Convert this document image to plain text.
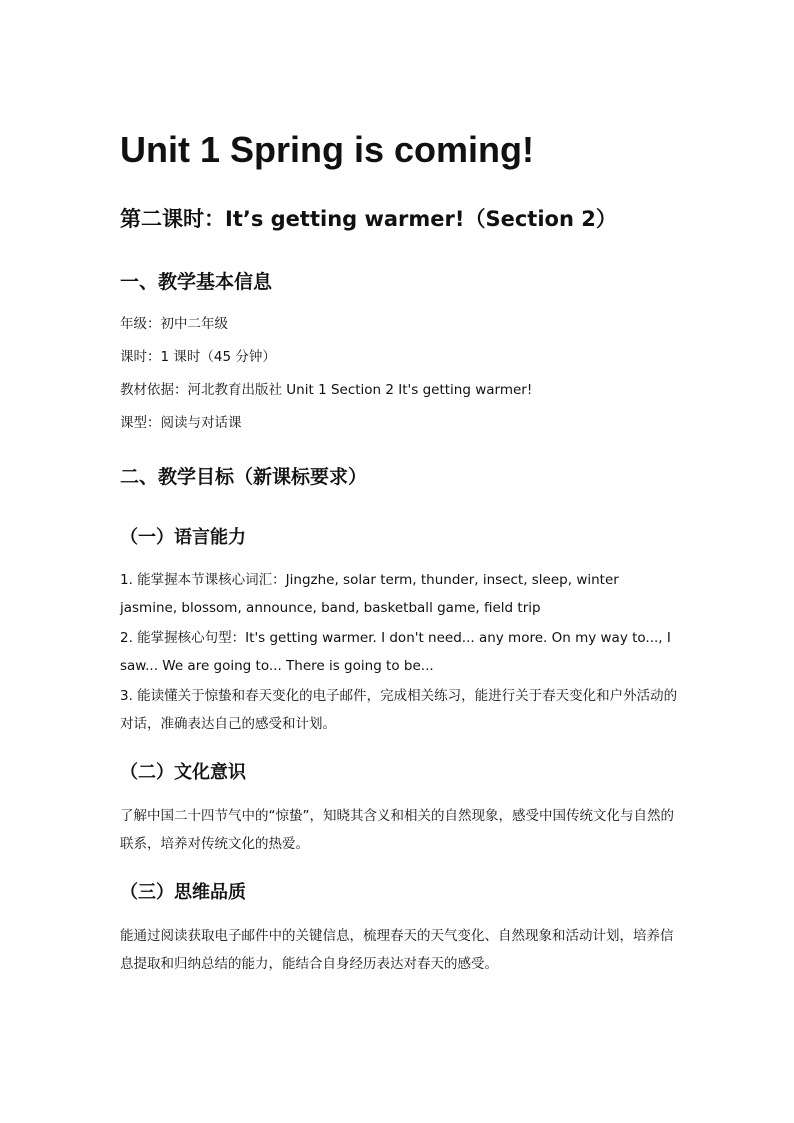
Unit 1 Spring is coming!
第二课时：It’s getting warmer!（Section 2）
一、教学基本信息

年级：初中二年级

课时：1 课时（45 分钟）

教材依据：河北教育出版社 Unit 1 Section 2 It's getting warmer!

课型：阅读与对话课

二、教学目标（新课标要求）
（一）语言能力

1. 能掌握本节课核心词汇：Jingzhe, solar term, thunder, insect, sleep, winter jasmine, blossom, announce, band, basketball game, field trip

2. 能掌握核心句型：It's getting warmer. I don't need... any more. On my way to..., I saw... We are going to... There is going to be...

3. 能读懂关于惊蛰和春天变化的电子邮件，完成相关练习，能进行关于春天变化和户外活动的对话，准确表达自己的感受和计划。

（二）文化意识

了解中国二十四节气中的“惊蛰”，知晓其含义和相关的自然现象，感受中国传统文化与自然的联系，培养对传统文化的热爱。

（三）思维品质

能通过阅读获取电子邮件中的关键信息，梳理春天的天气变化、自然现象和活动计划，培养信息提取和归纳总结的能力，能结合自身经历表达对春天的感受。
